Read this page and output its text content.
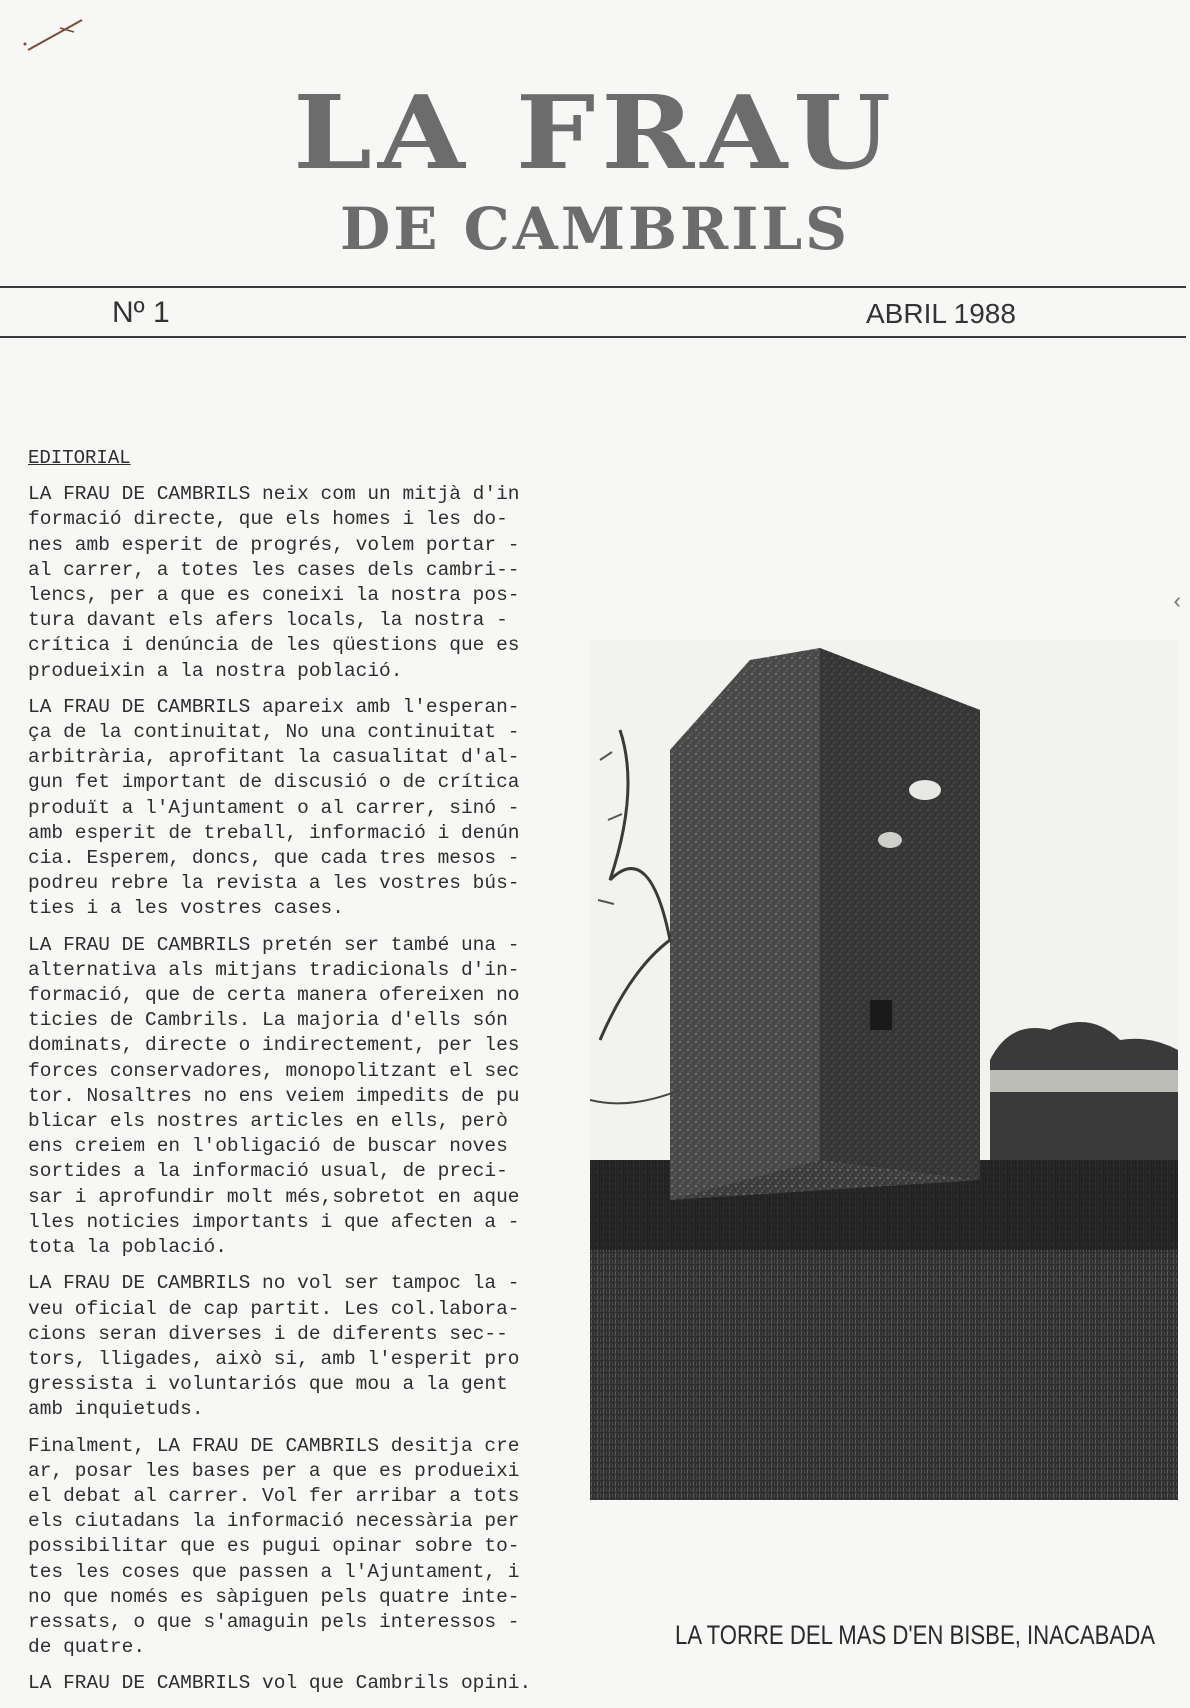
LA FRAU
DE CAMBRILS
Nº 1	ABRIL 1988
EDITORIAL
LA FRAU DE CAMBRILS neix com un mitjà d'in
formació directe, que els homes i les do-
nes amb esperit de progrés, volem portar -
al carrer, a totes les cases dels cambri--
lencs, per a que es coneixi la nostra pos-
tura davant els afers locals, la nostra -
crítica i denúncia de les qüestions que es
produeixin a la nostra població.
LA FRAU DE CAMBRILS apareix amb l'esperan-
ça de la continuitat, No una continuitat -
arbitrària, aprofitant la casualitat d'al-
gun fet important de discusió o de crítica
produït a l'Ajuntament o al carrer, sinó -
amb esperit de treball, informació i denún
cia. Esperem, doncs, que cada tres mesos -
podreu rebre la revista a les vostres bús-
ties i a les vostres cases.
LA FRAU DE CAMBRILS pretén ser també una -
alternativa als mitjans tradicionals d'in-
formació, que de certa manera ofereixen no
ticies de Cambrils. La majoria d'ells són
dominats, directe o indirectement, per les
forces conservadores, monopolitzant el sec
tor. Nosaltres no ens veiem impedits de pu
blicar els nostres articles en ells, però
ens creiem en l'obligació de buscar noves
sortides a la informació usual, de preci-
sar i aprofundir molt més,sobretot en aque
lles noticies importants i que afecten a -
tota la població.
LA FRAU DE CAMBRILS no vol ser tampoc la -
veu oficial de cap partit. Les col.labora-
cions seran diverses i de diferents sec--
tors, lligades, això si, amb l'esperit pro
gressista i voluntariós que mou a la gent
amb inquietuds.
Finalment, LA FRAU DE CAMBRILS desitja cre
ar, posar les bases per a que es produeixi
el debat al carrer. Vol fer arribar a tots
els ciutadans la informació necessària per
possibilitar que es pugui opinar sobre to-
tes les coses que passen a l'Ajuntament, i
no que només es sàpiguen pels quatre inte-
ressats, o que s'amaguin pels interessos -
de quatre.
LA FRAU DE CAMBRILS vol que Cambrils opini.
LA TORRE DEL MAS D'EN BISBE, INACABADA
‹
